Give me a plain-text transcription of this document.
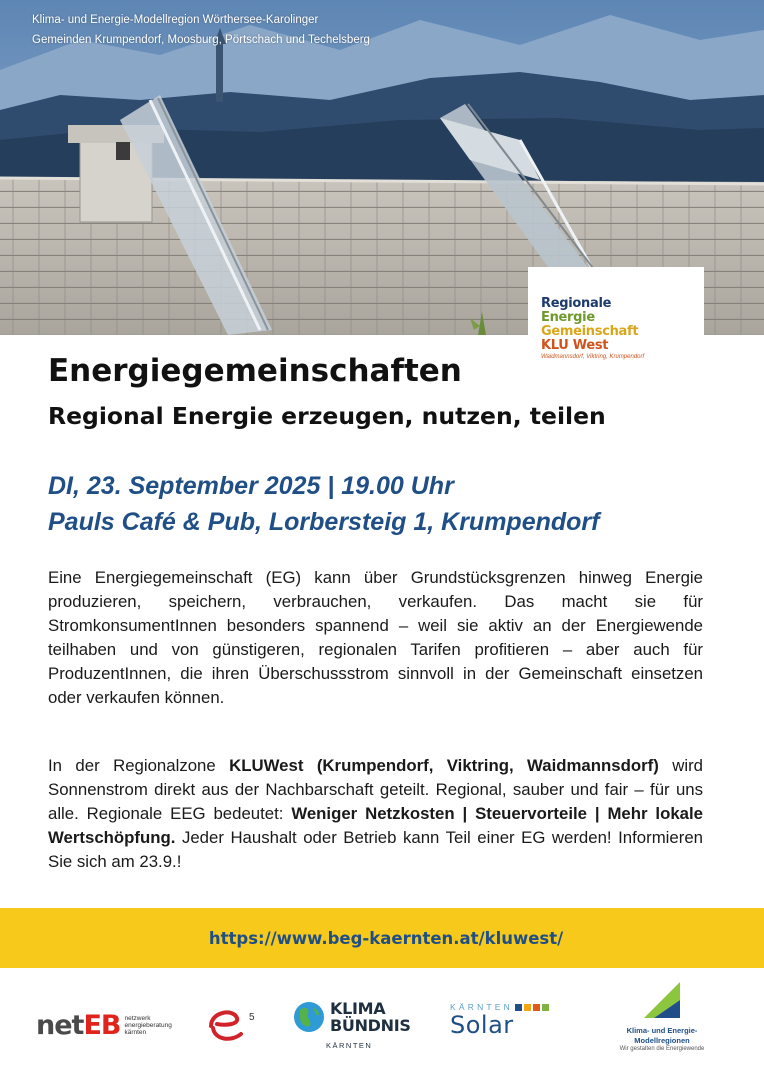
Klima- und Energie-Modellregion Wörthersee-Karolinger
Gemeinden Krumpendorf, Moosburg, Pörtschach und Techelsberg
Regionale
Energie
Gemeinschaft
KLU West
Waidmannsdorf, Viktring, Krumpendorf
Energiegemeinschaften
Regional Energie erzeugen, nutzen, teilen
DI, 23. September 2025 | 19.00 Uhr
Pauls Café & Pub, Lorbersteig 1, Krumpendorf

Eine Energiegemeinschaft (EG) kann über Grundstücksgrenzen hinweg Energie produzieren, speichern, verbrauchen, verkaufen. Das macht sie für StromkonsumentInnen besonders spannend – weil sie aktiv an der Energiewende teilhaben und von günstigeren, regionalen Tarifen profitieren – aber auch für ProduzentInnen, die ihren Überschussstrom sinnvoll in der Gemeinschaft einsetzen oder verkaufen können.

In der Regionalzone KLUWest (Krumpendorf, Viktring, Waidmannsdorf) wird Sonnenstrom direkt aus der Nachbarschaft geteilt. Regional, sauber und fair – für uns alle. Regionale EEG bedeutet: Weniger Netzkosten | Steuervorteile | Mehr lokale Wertschöpfung. Jeder Haushalt oder Betrieb kann Teil einer EG werden! Informieren Sie sich am 23.9.!

https://www.beg-kaernten.at/kluwest/
netEB netzwerk
energieberatung
kärnten
5	KLIMA
BÜNDNIS
KÄRNTEN
KÄRNTEN
Solar	Klima- und Energie-
Modellregionen
Wir gestalten die Energiewende
